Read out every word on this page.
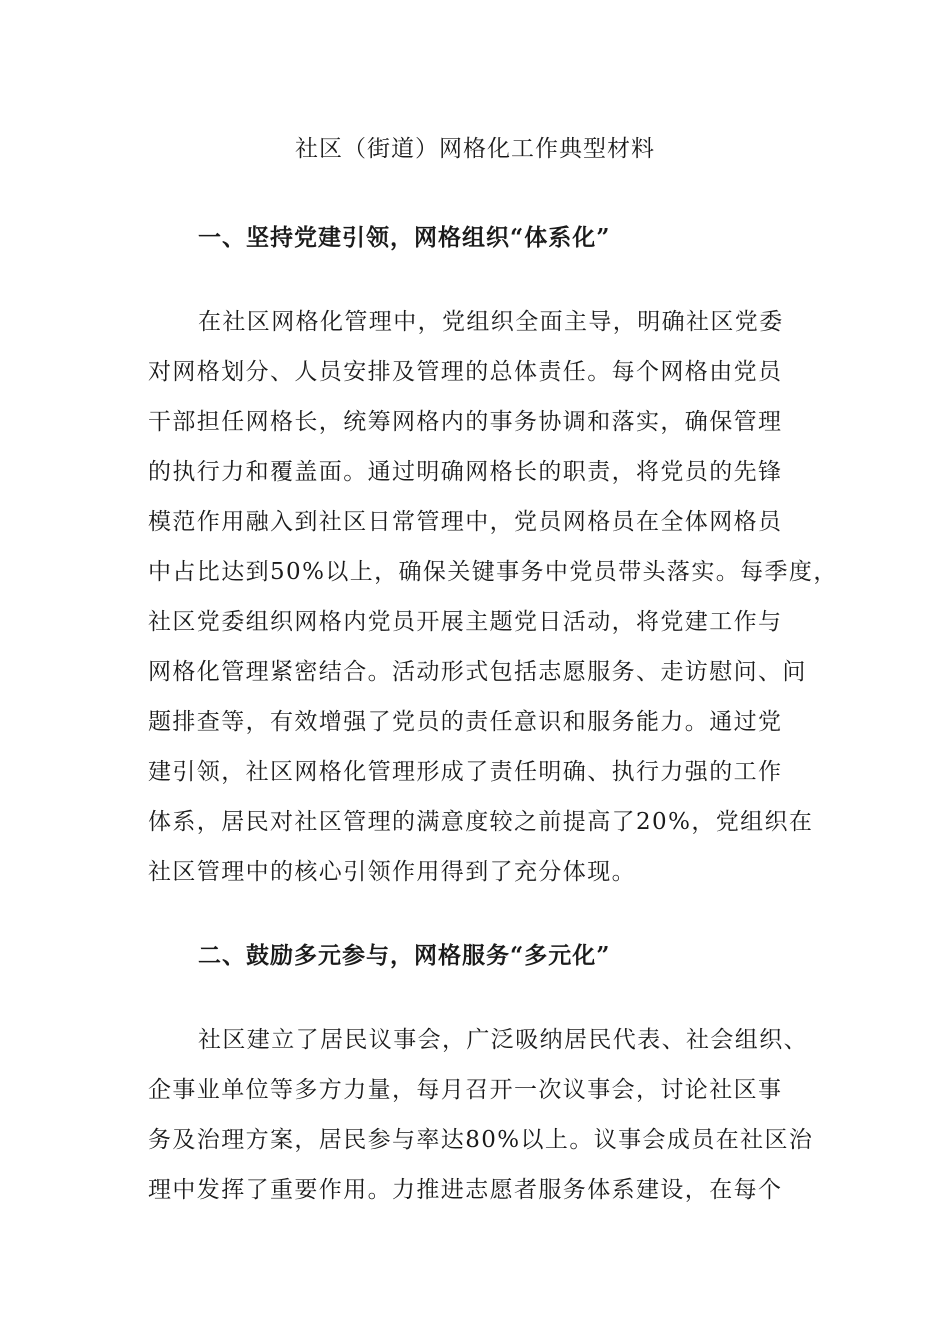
社区（街道）网格化工作典型材料
一、坚持党建引领，网格组织“体系化”
在社区网格化管理中，党组织全面主导，明确社区党委
对网格划分、人员安排及管理的总体责任。每个网格由党员
干部担任网格长，统筹网格内的事务协调和落实，确保管理
的执行力和覆盖面。通过明确网格长的职责，将党员的先锋
模范作用融入到社区日常管理中，党员网格员在全体网格员
中占比达到50%以上，确保关键事务中党员带头落实。每季度，
社区党委组织网格内党员开展主题党日活动，将党建工作与
网格化管理紧密结合。活动形式包括志愿服务、走访慰问、问
题排查等，有效增强了党员的责任意识和服务能力。通过党
建引领，社区网格化管理形成了责任明确、执行力强的工作
体系，居民对社区管理的满意度较之前提高了20%，党组织在
社区管理中的核心引领作用得到了充分体现。
二、鼓励多元参与，网格服务“多元化”
社区建立了居民议事会，广泛吸纳居民代表、社会组织、
企事业单位等多方力量，每月召开一次议事会，讨论社区事
务及治理方案，居民参与率达80%以上。议事会成员在社区治
理中发挥了重要作用。力推进志愿者服务体系建设，在每个
